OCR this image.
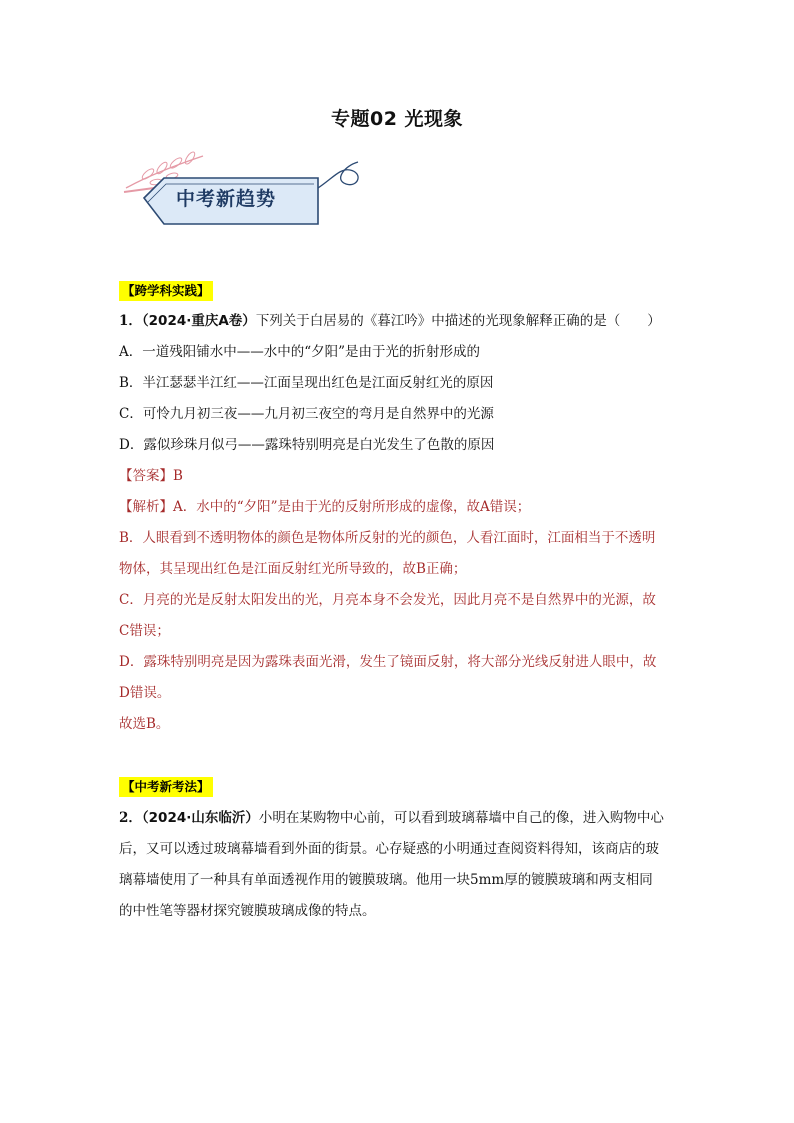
专题02 光现象
中考新趋势
【跨学科实践】
1．（2024·重庆A卷）下列关于白居易的《暮江吟》中描述的光现象解释正确的是（　　）
A．一道残阳铺水中——水中的“夕阳”是由于光的折射形成的
B．半江瑟瑟半江红——江面呈现出红色是江面反射红光的原因
C．可怜九月初三夜——九月初三夜空的弯月是自然界中的光源
D．露似珍珠月似弓——露珠特别明亮是白光发生了色散的原因
【答案】B
【解析】A．水中的“夕阳”是由于光的反射所形成的虚像，故A错误；
B．人眼看到不透明物体的颜色是物体所反射的光的颜色，人看江面时，江面相当于不透明
物体，其呈现出红色是江面反射红光所导致的，故B正确；
C．月亮的光是反射太阳发出的光，月亮本身不会发光，因此月亮不是自然界中的光源，故
C错误；
D．露珠特别明亮是因为露珠表面光滑，发生了镜面反射，将大部分光线反射进人眼中，故
D错误。
故选B。
【中考新考法】
2．（2024·山东临沂）小明在某购物中心前，可以看到玻璃幕墙中自己的像，进入购物中心
后，又可以透过玻璃幕墙看到外面的街景。心存疑惑的小明通过查阅资料得知，该商店的玻
璃幕墙使用了一种具有单面透视作用的镀膜玻璃。他用一块5mm厚的镀膜玻璃和两支相同
的中性笔等器材探究镀膜玻璃成像的特点。
